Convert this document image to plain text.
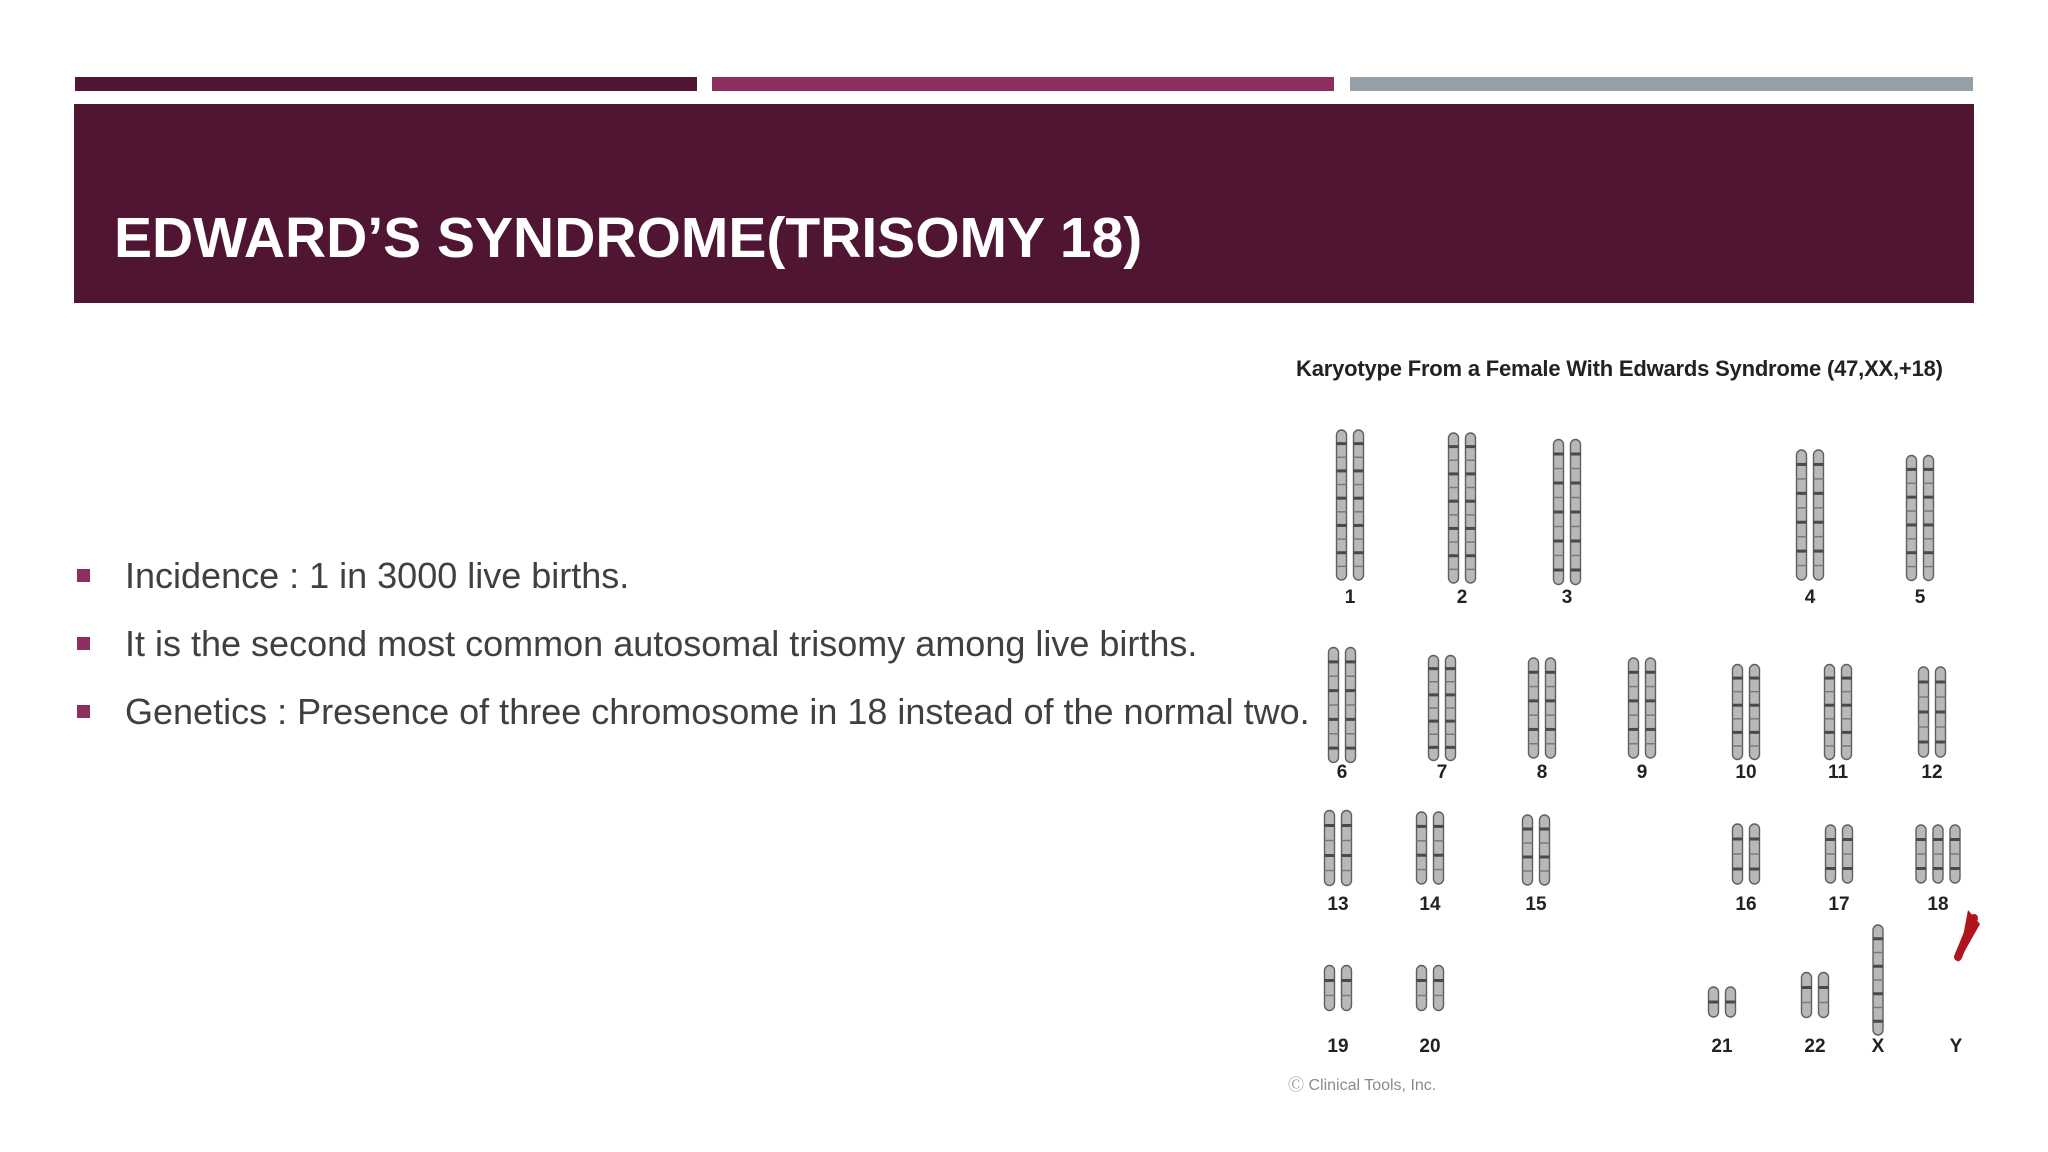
EDWARD’S SYNDROME(TRISOMY 18)
Incidence : 1 in 3000 live births.
It is the second most common autosomal trisomy among live births.
Genetics : Presence of three chromosome in 18 instead of the normal two.
Karyotype From a Female With Edwards Syndrome (47,XX,+18)
1	2	3	4	5
6	7	8	9	10	11	12
13	14	15	16	17	18
19	20	21	22 X	Y
Ⓒ Clinical Tools, Inc.
